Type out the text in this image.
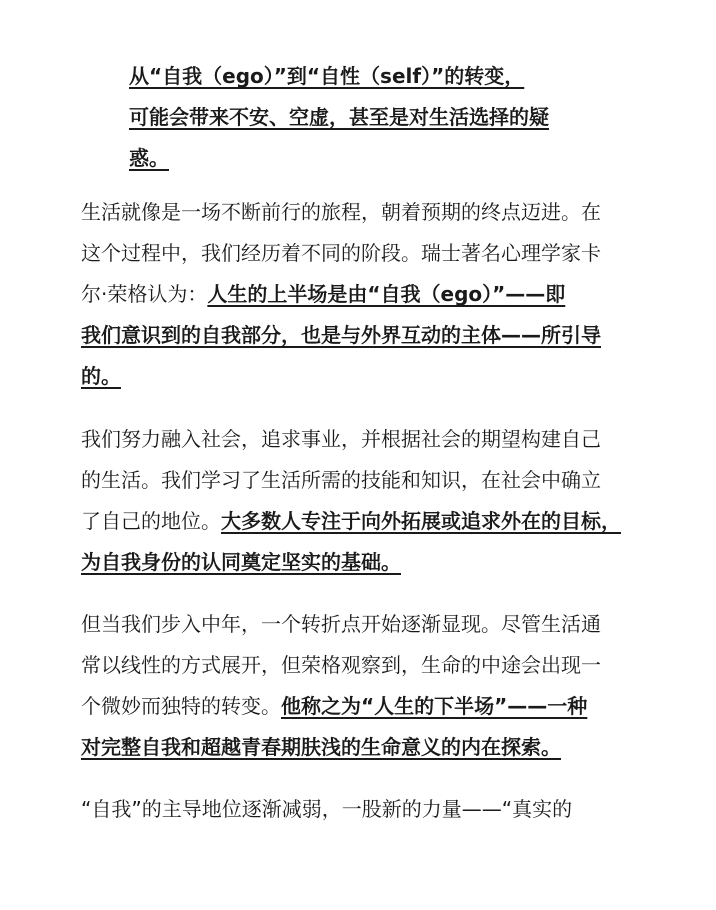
从“自我（ego）”到“自性（self）”的转变，
可能会带来不安、空虚，甚至是对生活选择的疑
惑。
生活就像是一场不断前行的旅程，朝着预期的终点迈进。在
这个过程中，我们经历着不同的阶段。瑞士著名心理学家卡
尔·荣格认为：人生的上半场是由“自我（ego）”——即
我们意识到的自我部分，也是与外界互动的主体——所引导
的。
我们努力融入社会，追求事业，并根据社会的期望构建自己
的生活。我们学习了生活所需的技能和知识，在社会中确立
了自己的地位。大多数人专注于向外拓展或追求外在的目标，
为自我身份的认同奠定坚实的基础。
但当我们步入中年，一个转折点开始逐渐显现。尽管生活通
常以线性的方式展开，但荣格观察到，生命的中途会出现一
个微妙而独特的转变。他称之为“人生的下半场”——一种
对完整自我和超越青春期肤浅的生命意义的内在探索。
“自我”的主导地位逐渐减弱，一股新的力量——“真实的
